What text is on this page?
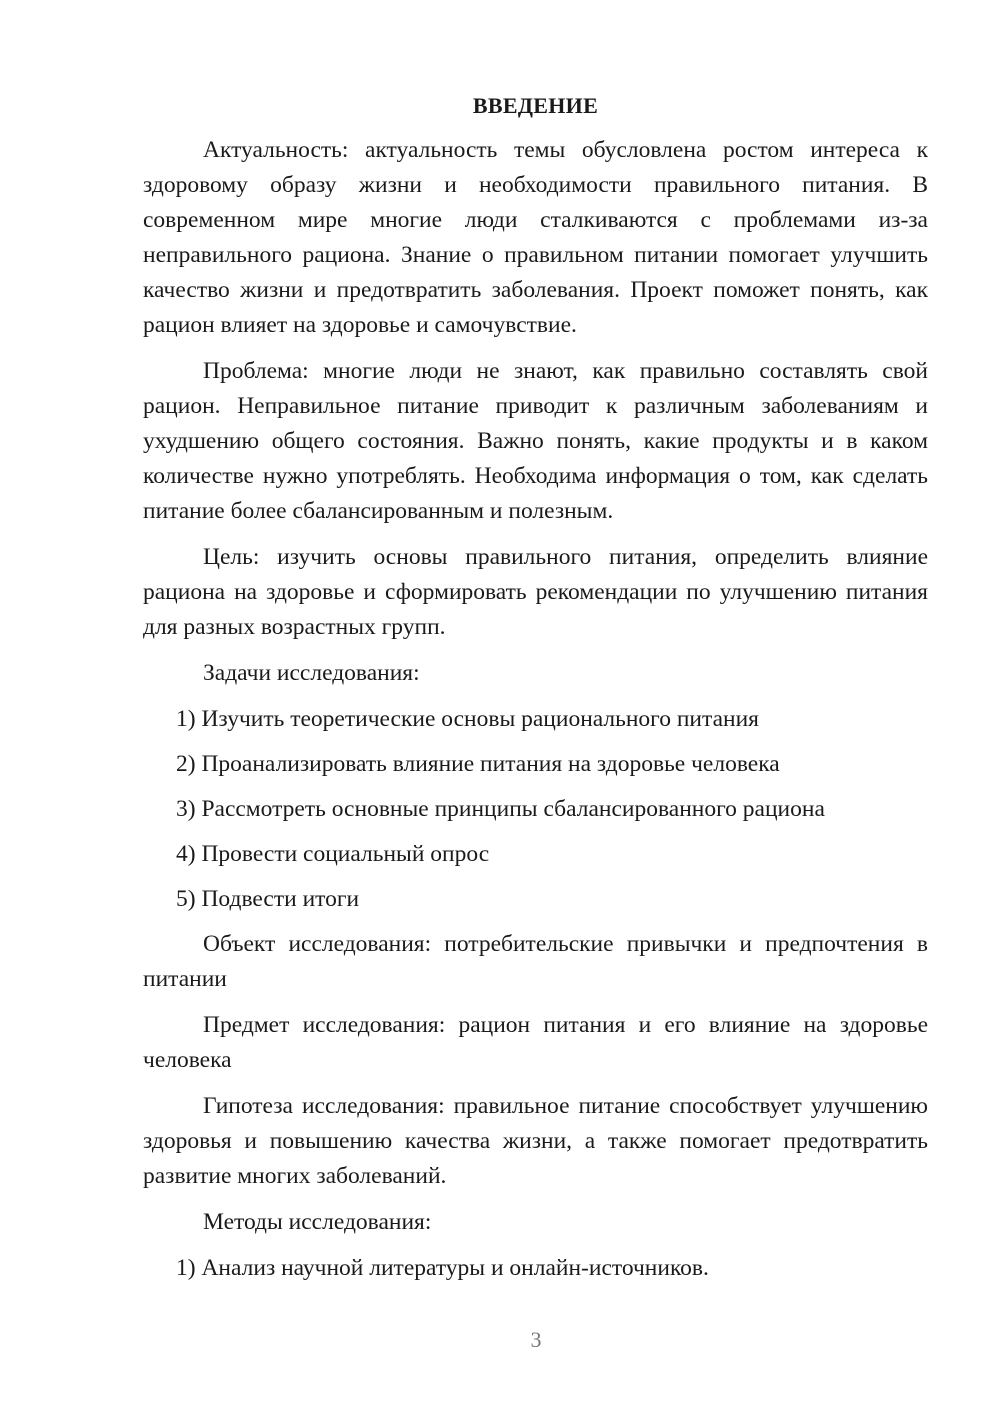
ВВЕДЕНИЕ

Актуальность: актуальность темы обусловлена ростом интереса к здоровому образу жизни и необходимости правильного питания. В современном мире многие люди сталкиваются с проблемами из-за неправильного рациона. Знание о правильном питании помогает улучшить качество жизни и предотвратить заболевания. Проект поможет понять, как рацион влияет на здоровье и самочувствие.

Проблема: многие люди не знают, как правильно составлять свой рацион. Неправильное питание приводит к различным заболеваниям и ухудшению общего состояния. Важно понять, какие продукты и в каком количестве нужно употреблять. Необходима информация о том, как сделать питание более сбалансированным и полезным.

Цель: изучить основы правильного питания, определить влияние рациона на здоровье и сформировать рекомендации по улучшению питания для разных возрастных групп.

Задачи исследования:
1) Изучить теоретические основы рационального питания
2) Проанализировать влияние питания на здоровье человека
3) Рассмотреть основные принципы сбалансированного рациона
4) Провести социальный опрос
5) Подвести итоги

Объект исследования: потребительские привычки и предпочтения в питании

Предмет исследования: рацион питания и его влияние на здоровье человека

Гипотеза исследования: правильное питание способствует улучшению здоровья и повышению качества жизни, а также помогает предотвратить развитие многих заболеваний.

Методы исследования:
1) Анализ научной литературы и онлайн-источников.
3
